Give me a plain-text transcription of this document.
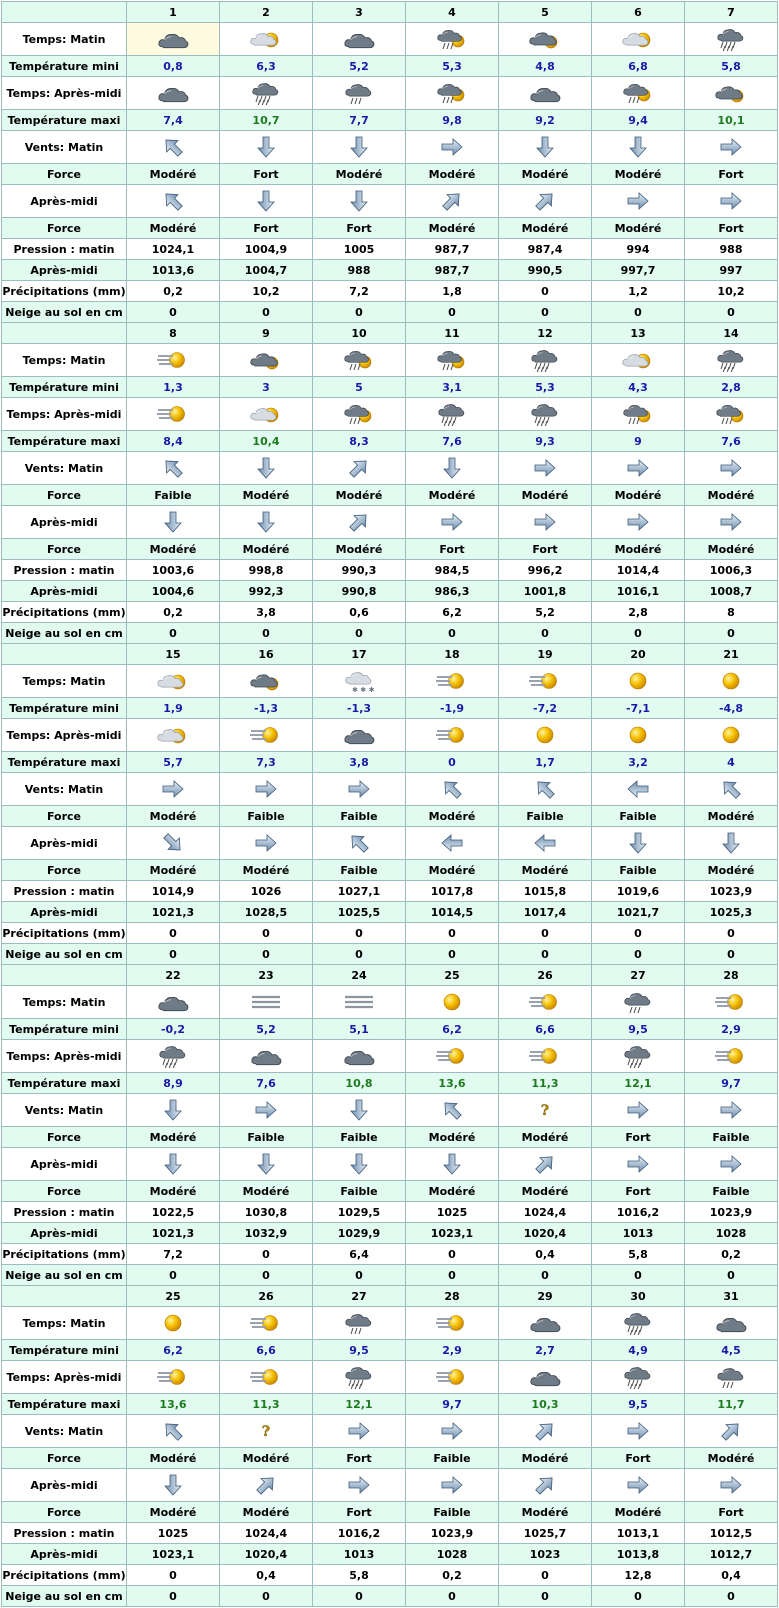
	1	2	3	4	5	6	7
Temps: Matin	

Température mini	0,8	6,3	5,2	5,3	4,8	6,8	5,8
Temps: Après-midi	

Température maxi	7,4	10,7	7,7	9,8	9,2	9,4	10,1
Vents: Matin	

Force	Modéré	Fort	Modéré	Modéré	Modéré	Modéré	Fort
Après-midi	

Force	Modéré	Fort	Fort	Modéré	Modéré	Modéré	Fort
Pression : matin	1024,1	1004,9	1005	987,7	987,4	994	988
Après-midi	1013,6	1004,7	988	987,7	990,5	997,7	997
Précipitations (mm)	0,2	10,2	7,2	1,8	0	1,2	10,2
Neige au sol en cm	0	0	0	0	0	0	0
	8	9	10	11	12	13	14
Temps: Matin	

Température mini	1,3	3	5	3,1	5,3	4,3	2,8
Temps: Après-midi	

Température maxi	8,4	10,4	8,3	7,6	9,3	9	7,6
Vents: Matin	

Force	Faible	Modéré	Modéré	Modéré	Modéré	Modéré	Modéré
Après-midi	

Force	Modéré	Modéré	Modéré	Fort	Fort	Modéré	Modéré
Pression : matin	1003,6	998,8	990,3	984,5	996,2	1014,4	1006,3
Après-midi	1004,6	992,3	990,8	986,3	1001,8	1016,1	1008,7
Précipitations (mm)	0,2	3,8	0,6	6,2	5,2	2,8	8
Neige au sol en cm	0	0	0	0	0	0	0
	15	16	17	18	19	20	21
Temps: Matin			✱ ✱ ✱

Température mini	1,9	-1,3	-1,3	-1,9	-7,2	-7,1	-4,8
Temps: Après-midi	

Température maxi	5,7	7,3	3,8	0	1,7	3,2	4
Vents: Matin	

Force	Modéré	Faible	Faible	Modéré	Faible	Faible	Modéré
Après-midi	

Force	Modéré	Modéré	Faible	Modéré	Modéré	Faible	Modéré
Pression : matin	1014,9	1026	1027,1	1017,8	1015,8	1019,6	1023,9
Après-midi	1021,3	1028,5	1025,5	1014,5	1017,4	1021,7	1025,3
Précipitations (mm)	0	0	0	0	0	0	0
Neige au sol en cm	0	0	0	0	0	0	0
	22	23	24	25	26	27	28
Temps: Matin	

Température mini	-0,2	5,2	5,1	6,2	6,6	9,5	2,9
Temps: Après-midi	

Température maxi	8,9	7,6	10,8	13,6	11,3	12,1	9,7
Vents: Matin					?

Force	Modéré	Faible	Faible	Modéré	Modéré	Fort	Faible
Après-midi	

Force	Modéré	Modéré	Faible	Modéré	Modéré	Fort	Faible
Pression : matin	1022,5	1030,8	1029,5	1025	1024,4	1016,2	1023,9
Après-midi	1021,3	1032,9	1029,9	1023,1	1020,4	1013	1028
Précipitations (mm)	7,2	0	6,4	0	0,4	5,8	0,2
Neige au sol en cm	0	0	0	0	0	0	0
	25	26	27	28	29	30	31
Temps: Matin	

Température mini	6,2	6,6	9,5	2,9	2,7	4,9	4,5
Temps: Après-midi	

Température maxi	13,6	11,3	12,1	9,7	10,3	9,5	11,7
Vents: Matin		?

Force	Modéré	Modéré	Fort	Faible	Modéré	Fort	Modéré
Après-midi	

Force	Modéré	Modéré	Fort	Faible	Modéré	Modéré	Fort
Pression : matin	1025	1024,4	1016,2	1023,9	1025,7	1013,1	1012,5
Après-midi	1023,1	1020,4	1013	1028	1023	1013,8	1012,7
Précipitations (mm)	0	0,4	5,8	0,2	0	12,8	0,4
Neige au sol en cm	0	0	0	0	0	0	0
